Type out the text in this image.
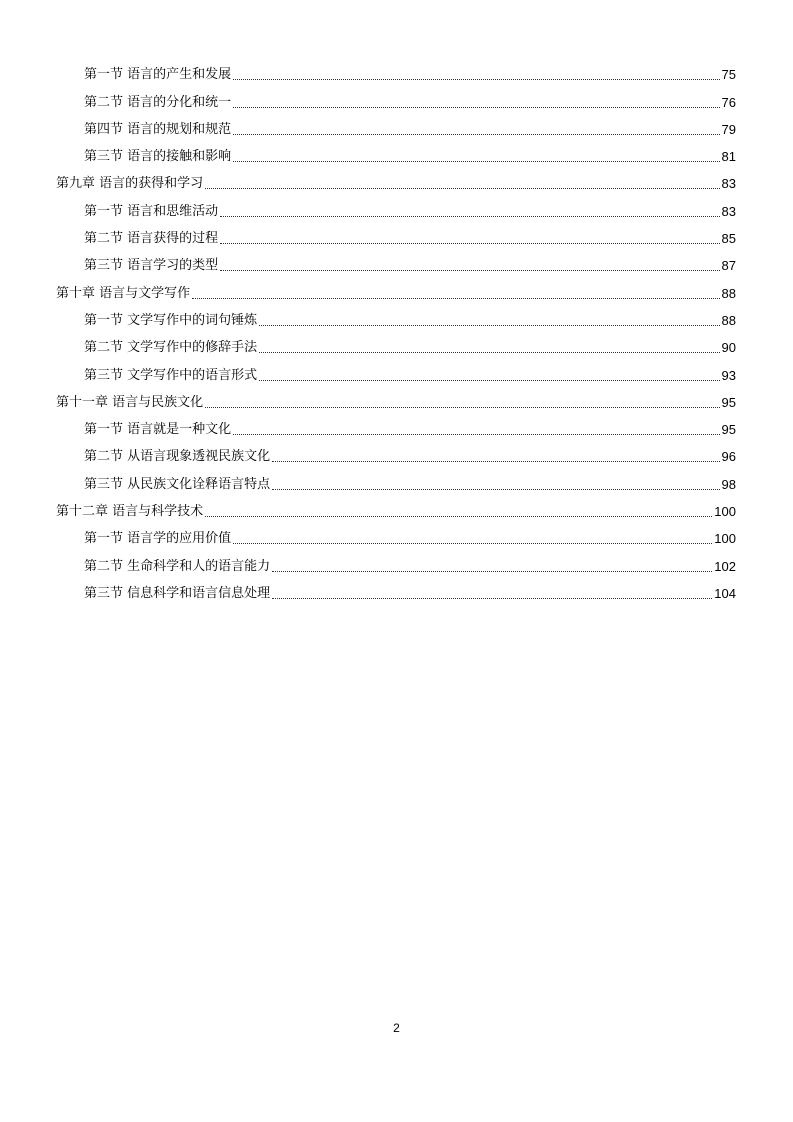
第一节 语言的产生和发展	75
第二节 语言的分化和统一	76
第四节 语言的规划和规范	79
第三节 语言的接触和影响	81
第九章 语言的获得和学习	83
第一节 语言和思维活动	83
第二节 语言获得的过程	85
第三节 语言学习的类型	87
第十章 语言与文学写作	88
第一节 文学写作中的词句锤炼	88
第二节 文学写作中的修辞手法	90
第三节 文学写作中的语言形式	93
第十一章 语言与民族文化	95
第一节 语言就是一种文化	95
第二节 从语言现象透视民族文化	96
第三节 从民族文化诠释语言特点	98
第十二章 语言与科学技术	100
第一节 语言学的应用价值	100
第二节 生命科学和人的语言能力	102
第三节 信息科学和语言信息处理	104

2
